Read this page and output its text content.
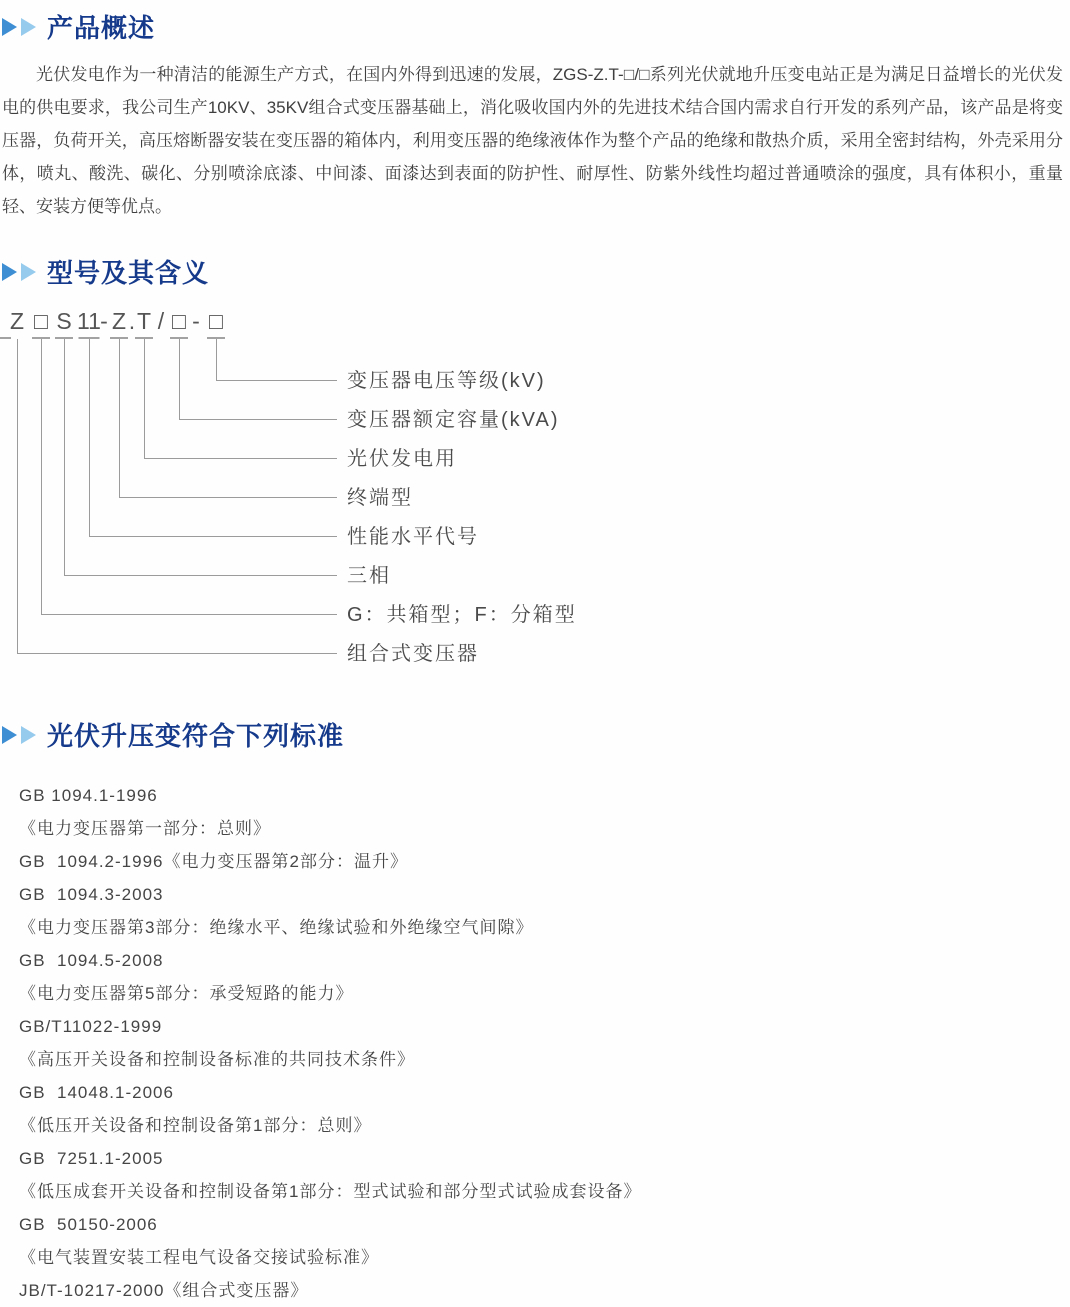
产品概述

光伏发电作为一种清洁的能源生产方式，在国内外得到迅速的发展，ZGS-Z.T-□/□系列光伏就地升压变电站正是为满足日益增长的光伏发电的供电要求，我公司生产10KV、35KV组合式变压器基础上，消化吸收国内外的先进技术结合国内需求自行开发的系列产品，该产品是将变压器，负荷开关，高压熔断器安装在变压器的箱体内，利用变压器的绝缘液体作为整个产品的绝缘和散热介质，采用全密封结构，外壳采用分体，喷丸、酸洗、碳化、分别喷涂底漆、中间漆、面漆达到表面的防护性、耐厚性、防紫外线性均超过普通喷涂的强度，具有体积小，重量轻、安装方便等优点。

型号及其含义
Z □ S 11 - Z . T / □ - □
变压器电压等级(kV)
变压器额定容量(kVA)
光伏发电用
终端型
性能水平代号
三相
G：共箱型；F：分箱型
组合式变压器
光伏升压变符合下列标准
GB 1094.1-1996
《电力变压器第一部分：总则》
GB  1094.2-1996《电力变压器第2部分：温升》
GB  1094.3-2003
《电力变压器第3部分：绝缘水平、绝缘试验和外绝缘空气间隙》
GB  1094.5-2008
《电力变压器第5部分：承受短路的能力》
GB/T11022-1999
《高压开关设备和控制设备标准的共同技术条件》
GB  14048.1-2006
《低压开关设备和控制设备第1部分：总则》
GB  7251.1-2005
《低压成套开关设备和控制设备第1部分：型式试验和部分型式试验成套设备》
GB  50150-2006
《电气装置安装工程电气设备交接试验标准》
JB/T-10217-2000《组合式变压器》
